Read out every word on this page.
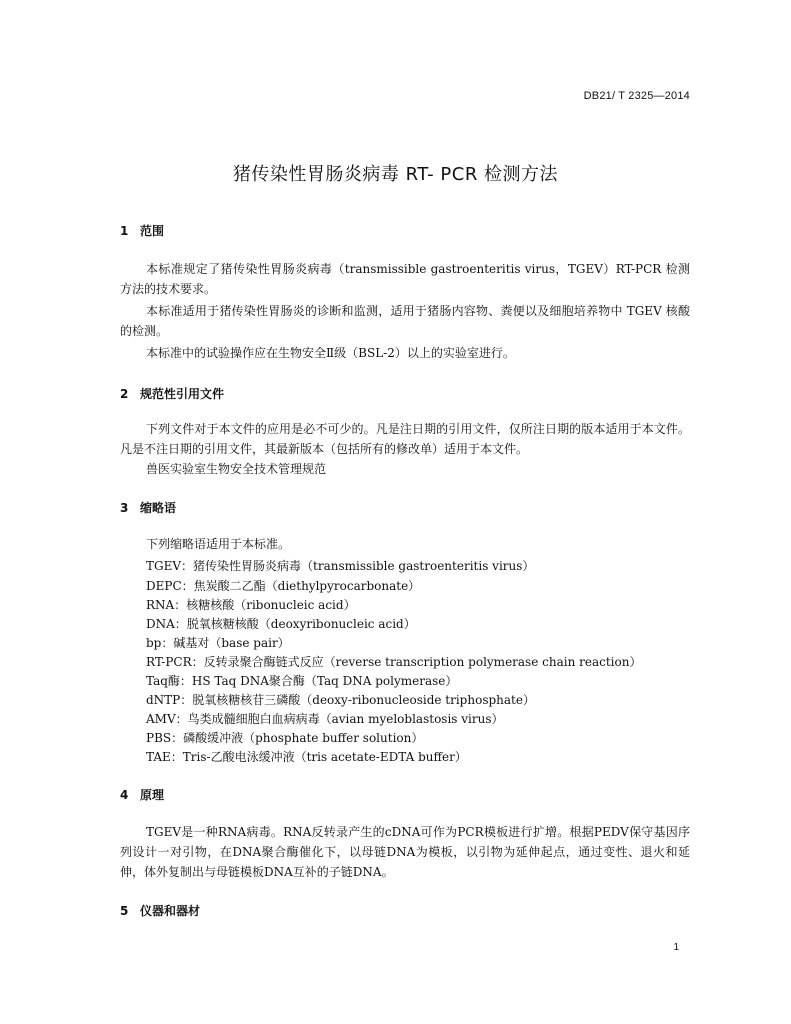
DB21/ T 2325—2014
猪传染性胃肠炎病毒 RT- PCR 检测方法
1 范围
本标准规定了猪传染性胃肠炎病毒（transmissible gastroenteritis virus，TGEV）RT-PCR 检测方法的技术要求。
本标准适用于猪传染性胃肠炎的诊断和监测，适用于猪肠内容物、粪便以及细胞培养物中 TGEV 核酸的检测。
本标准中的试验操作应在生物安全Ⅱ级（BSL-2）以上的实验室进行。
2 规范性引用文件
下列文件对于本文件的应用是必不可少的。凡是注日期的引用文件，仅所注日期的版本适用于本文件。凡是不注日期的引用文件，其最新版本（包括所有的修改单）适用于本文件。
兽医实验室生物安全技术管理规范
3 缩略语
下列缩略语适用于本标准。
TGEV：猪传染性胃肠炎病毒（transmissible gastroenteritis virus）
DEPC：焦炭酸二乙酯（diethylpyrocarbonate）
RNA：核糖核酸（ribonucleic acid）
DNA：脱氧核糖核酸（deoxyribonucleic acid）
bp：碱基对（base pair）
RT-PCR：反转录聚合酶链式反应（reverse transcription polymerase chain reaction）
Taq酶：HS Taq DNA聚合酶（Taq DNA polymerase）
dNTP：脱氧核糖核苷三磷酸（deoxy-ribonucleoside triphosphate）
AMV：鸟类成髓细胞白血病病毒（avian myeloblastosis virus）
PBS：磷酸缓冲液（phosphate buffer solution）
TAE：Tris-乙酸电泳缓冲液（tris acetate-EDTA buffer）
4 原理
TGEV是一种RNA病毒。RNA反转录产生的cDNA可作为PCR模板进行扩增。根据PEDV保守基因序列设计一对引物，在DNA聚合酶催化下，以母链DNA为模板，以引物为延伸起点，通过变性、退火和延伸，体外复制出与母链模板DNA互补的子链DNA。
5 仪器和器材
1
